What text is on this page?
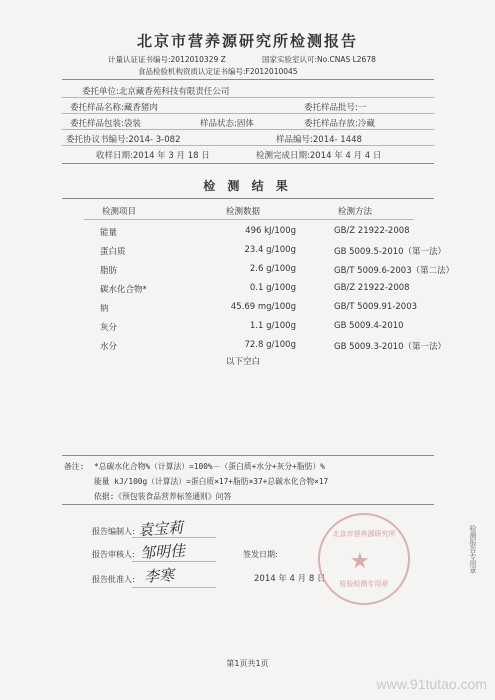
北京市营养源研究所检测报告
计量认证证书编号:2012010329 Z	国家实验室认可:No.CNAS L2678
食品检验机构资质认定证书编号:F2012010045
委托单位:北京藏香苑科技有限责任公司
委托样品名称:藏香猪肉	委托样品批号:一
委托样品包装:袋装	样品状态:固体	委托样品存放:冷藏
委托协议书编号:2014- 3-082	样品编号:2014- 1448
收样日期:2014 年 3 月 18 日	检测完成日期:2014 年 4 月 4 日
检 测 结 果
检测项目	检测数据	检测方法
能量	496 kJ/100g	GB/Z 21922-2008
蛋白质	23.4 g/100g	GB 5009.5-2010（第一法）
脂肪	2.6 g/100g	GB/T 5009.6-2003（第二法）
碳水化合物*	0.1 g/100g	GB/Z 21922-2008
钠	45.69 mg/100g	GB/T 5009.91-2003
灰分	1.1 g/100g	GB 5009.4-2010
水分	72.8 g/100g	GB 5009.3-2010（第一法）
以下空白
备注: *总碳水化合物%（计算法）=100%－（蛋白质+水分+灰分+脂肪）%
能量 kJ/100g（计算法）=蛋白质×17+脂肪×37+总碳水化合物×17
依据:《预包装食品营养标签通则》问答
报告编制人: 袁宝莉
报告审核人: 邹明佳	签发日期:
报告批准人: 李寒	2014 年 4 月 8 日
北京市营养源研究所
★
检验检测专用章
检测报告专用章
第1页共1页
www.91tutao.com
